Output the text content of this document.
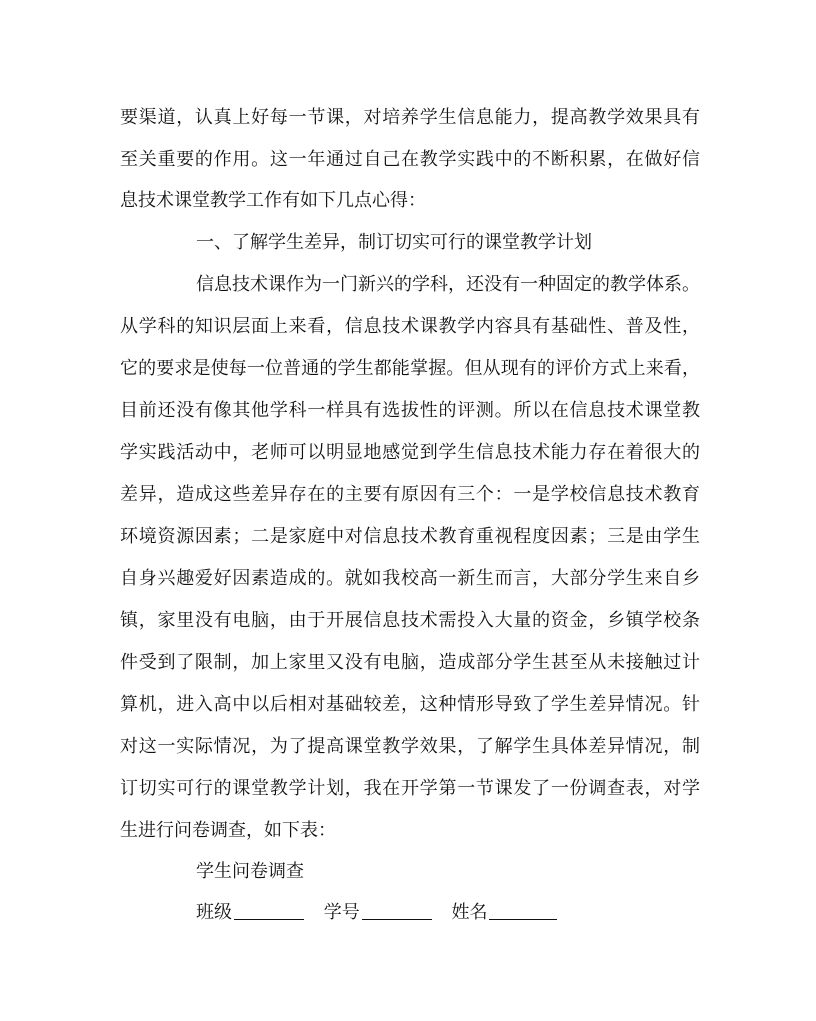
要渠道，认真上好每一节课，对培养学生信息能力，提高教学效果具有
至关重要的作用。这一年通过自己在教学实践中的不断积累，在做好信
息技术课堂教学工作有如下几点心得：
一、了解学生差异，制订切实可行的课堂教学计划
信息技术课作为一门新兴的学科，还没有一种固定的教学体系。
从学科的知识层面上来看，信息技术课教学内容具有基础性、普及性，
它的要求是使每一位普通的学生都能掌握。但从现有的评价方式上来看，
目前还没有像其他学科一样具有选拔性的评测。所以在信息技术课堂教
学实践活动中，老师可以明显地感觉到学生信息技术能力存在着很大的
差异，造成这些差异存在的主要有原因有三个：一是学校信息技术教育
环境资源因素；二是家庭中对信息技术教育重视程度因素；三是由学生
自身兴趣爱好因素造成的。就如我校高一新生而言，大部分学生来自乡
镇，家里没有电脑，由于开展信息技术需投入大量的资金，乡镇学校条
件受到了限制，加上家里又没有电脑，造成部分学生甚至从未接触过计
算机，进入高中以后相对基础较差，这种情形导致了学生差异情况。针
对这一实际情况，为了提高课堂教学效果，了解学生具体差异情况，制
订切实可行的课堂教学计划，我在开学第一节课发了一份调查表，对学
生进行问卷调查，如下表：
学生问卷调查
班级	学号	姓名
